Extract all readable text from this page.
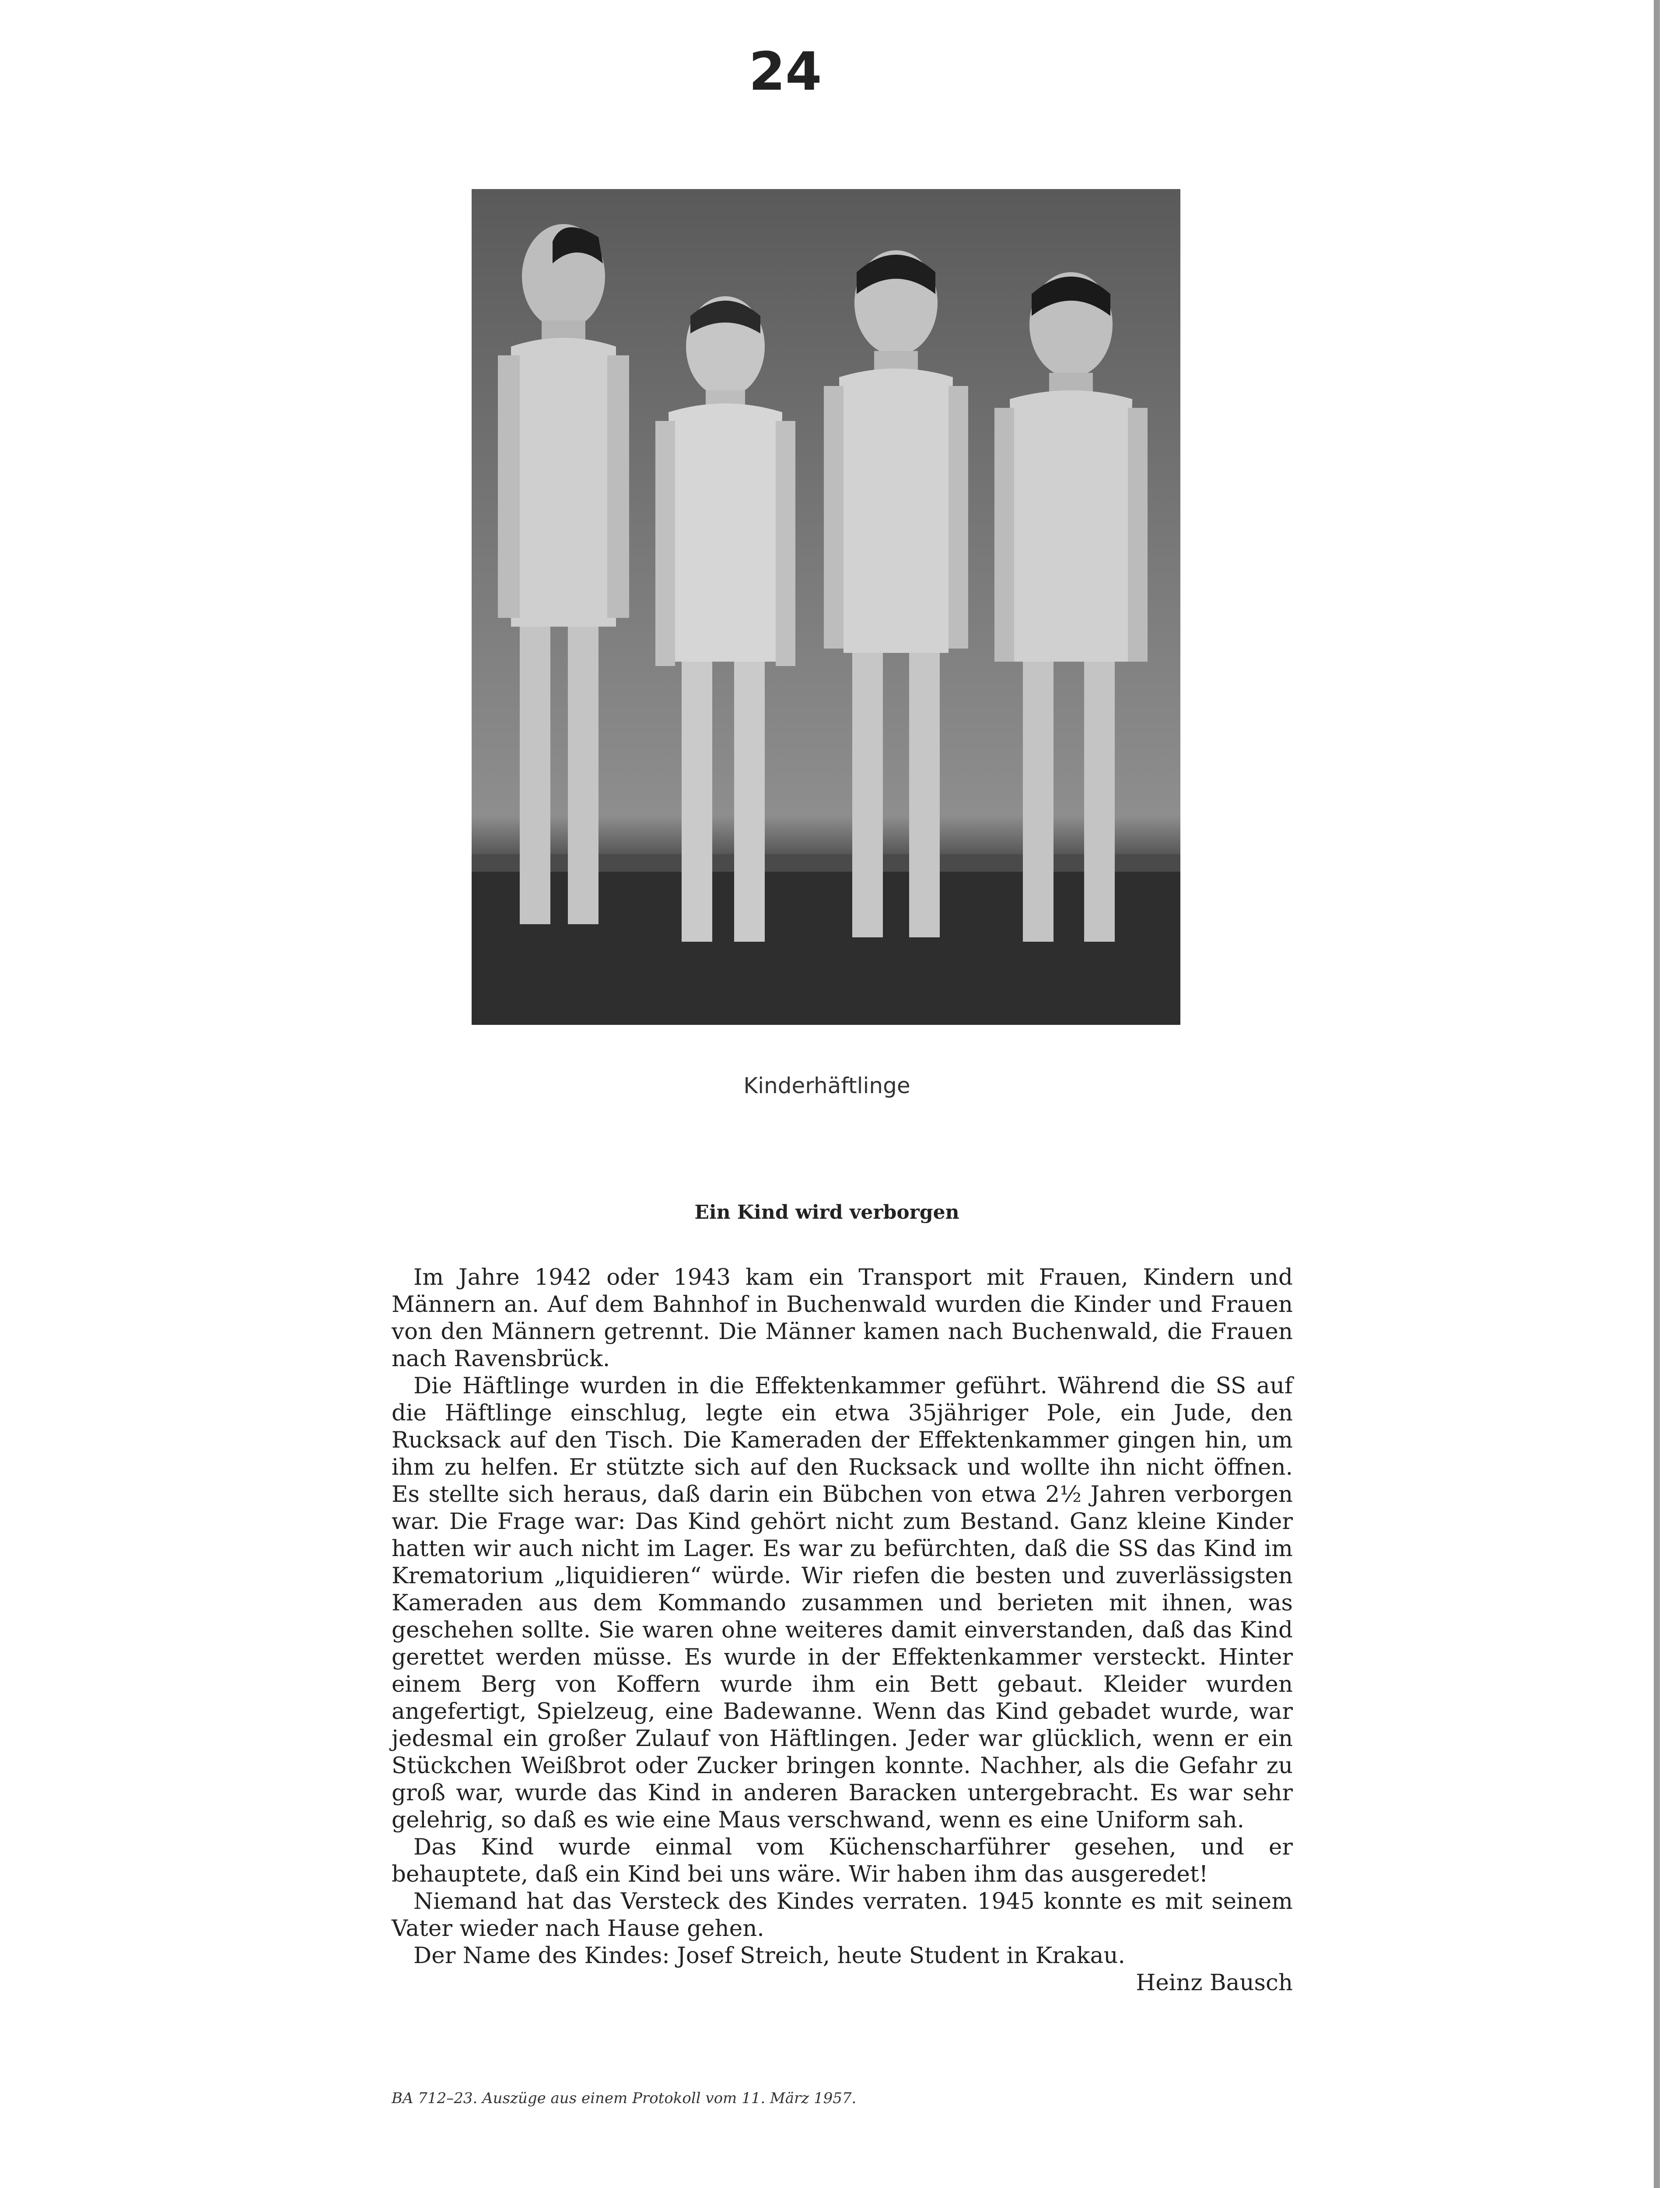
24
Kinderhäftlinge
Ein Kind wird verborgen

Im Jahre 1942 oder 1943 kam ein Transport mit Frauen, Kindern und Männern an. Auf dem Bahnhof in Buchenwald wurden die Kinder und Frauen von den Männern getrennt. Die Männer kamen nach Buchenwald, die Frauen nach Ravensbrück.

Die Häftlinge wurden in die Effektenkammer geführt. Während die SS auf die Häftlinge einschlug, legte ein etwa 35jähriger Pole, ein Jude, den Rucksack auf den Tisch. Die Kameraden der Effektenkammer gingen hin, um ihm zu helfen. Er stützte sich auf den Rucksack und wollte ihn nicht öffnen. Es stellte sich heraus, daß darin ein Bübchen von etwa 2½ Jahren verborgen war. Die Frage war: Das Kind gehört nicht zum Bestand. Ganz kleine Kinder hatten wir auch nicht im Lager. Es war zu befürchten, daß die SS das Kind im Krematorium „liquidieren“ würde. Wir riefen die besten und zuverlässigsten Kameraden aus dem Kommando zusammen und berieten mit ihnen, was geschehen sollte. Sie waren ohne weiteres damit einverstanden, daß das Kind gerettet werden müsse. Es wurde in der Effektenkammer versteckt. Hinter einem Berg von Koffern wurde ihm ein Bett gebaut. Kleider wurden angefertigt, Spielzeug, eine Badewanne. Wenn das Kind gebadet wurde, war jedesmal ein großer Zulauf von Häftlingen. Jeder war glücklich, wenn er ein Stückchen Weißbrot oder Zucker bringen konnte. Nachher, als die Gefahr zu groß war, wurde das Kind in anderen Baracken untergebracht. Es war sehr gelehrig, so daß es wie eine Maus verschwand, wenn es eine Uniform sah.

Das Kind wurde einmal vom Küchenscharführer gesehen, und er behauptete, daß ein Kind bei uns wäre. Wir haben ihm das ausgeredet!

Niemand hat das Versteck des Kindes verraten. 1945 konnte es mit seinem Vater wieder nach Hause gehen.

Der Name des Kindes: Josef Streich, heute Student in Krakau.

Heinz Bausch
BA 712–23. Auszüge aus einem Protokoll vom 11. März 1957.
